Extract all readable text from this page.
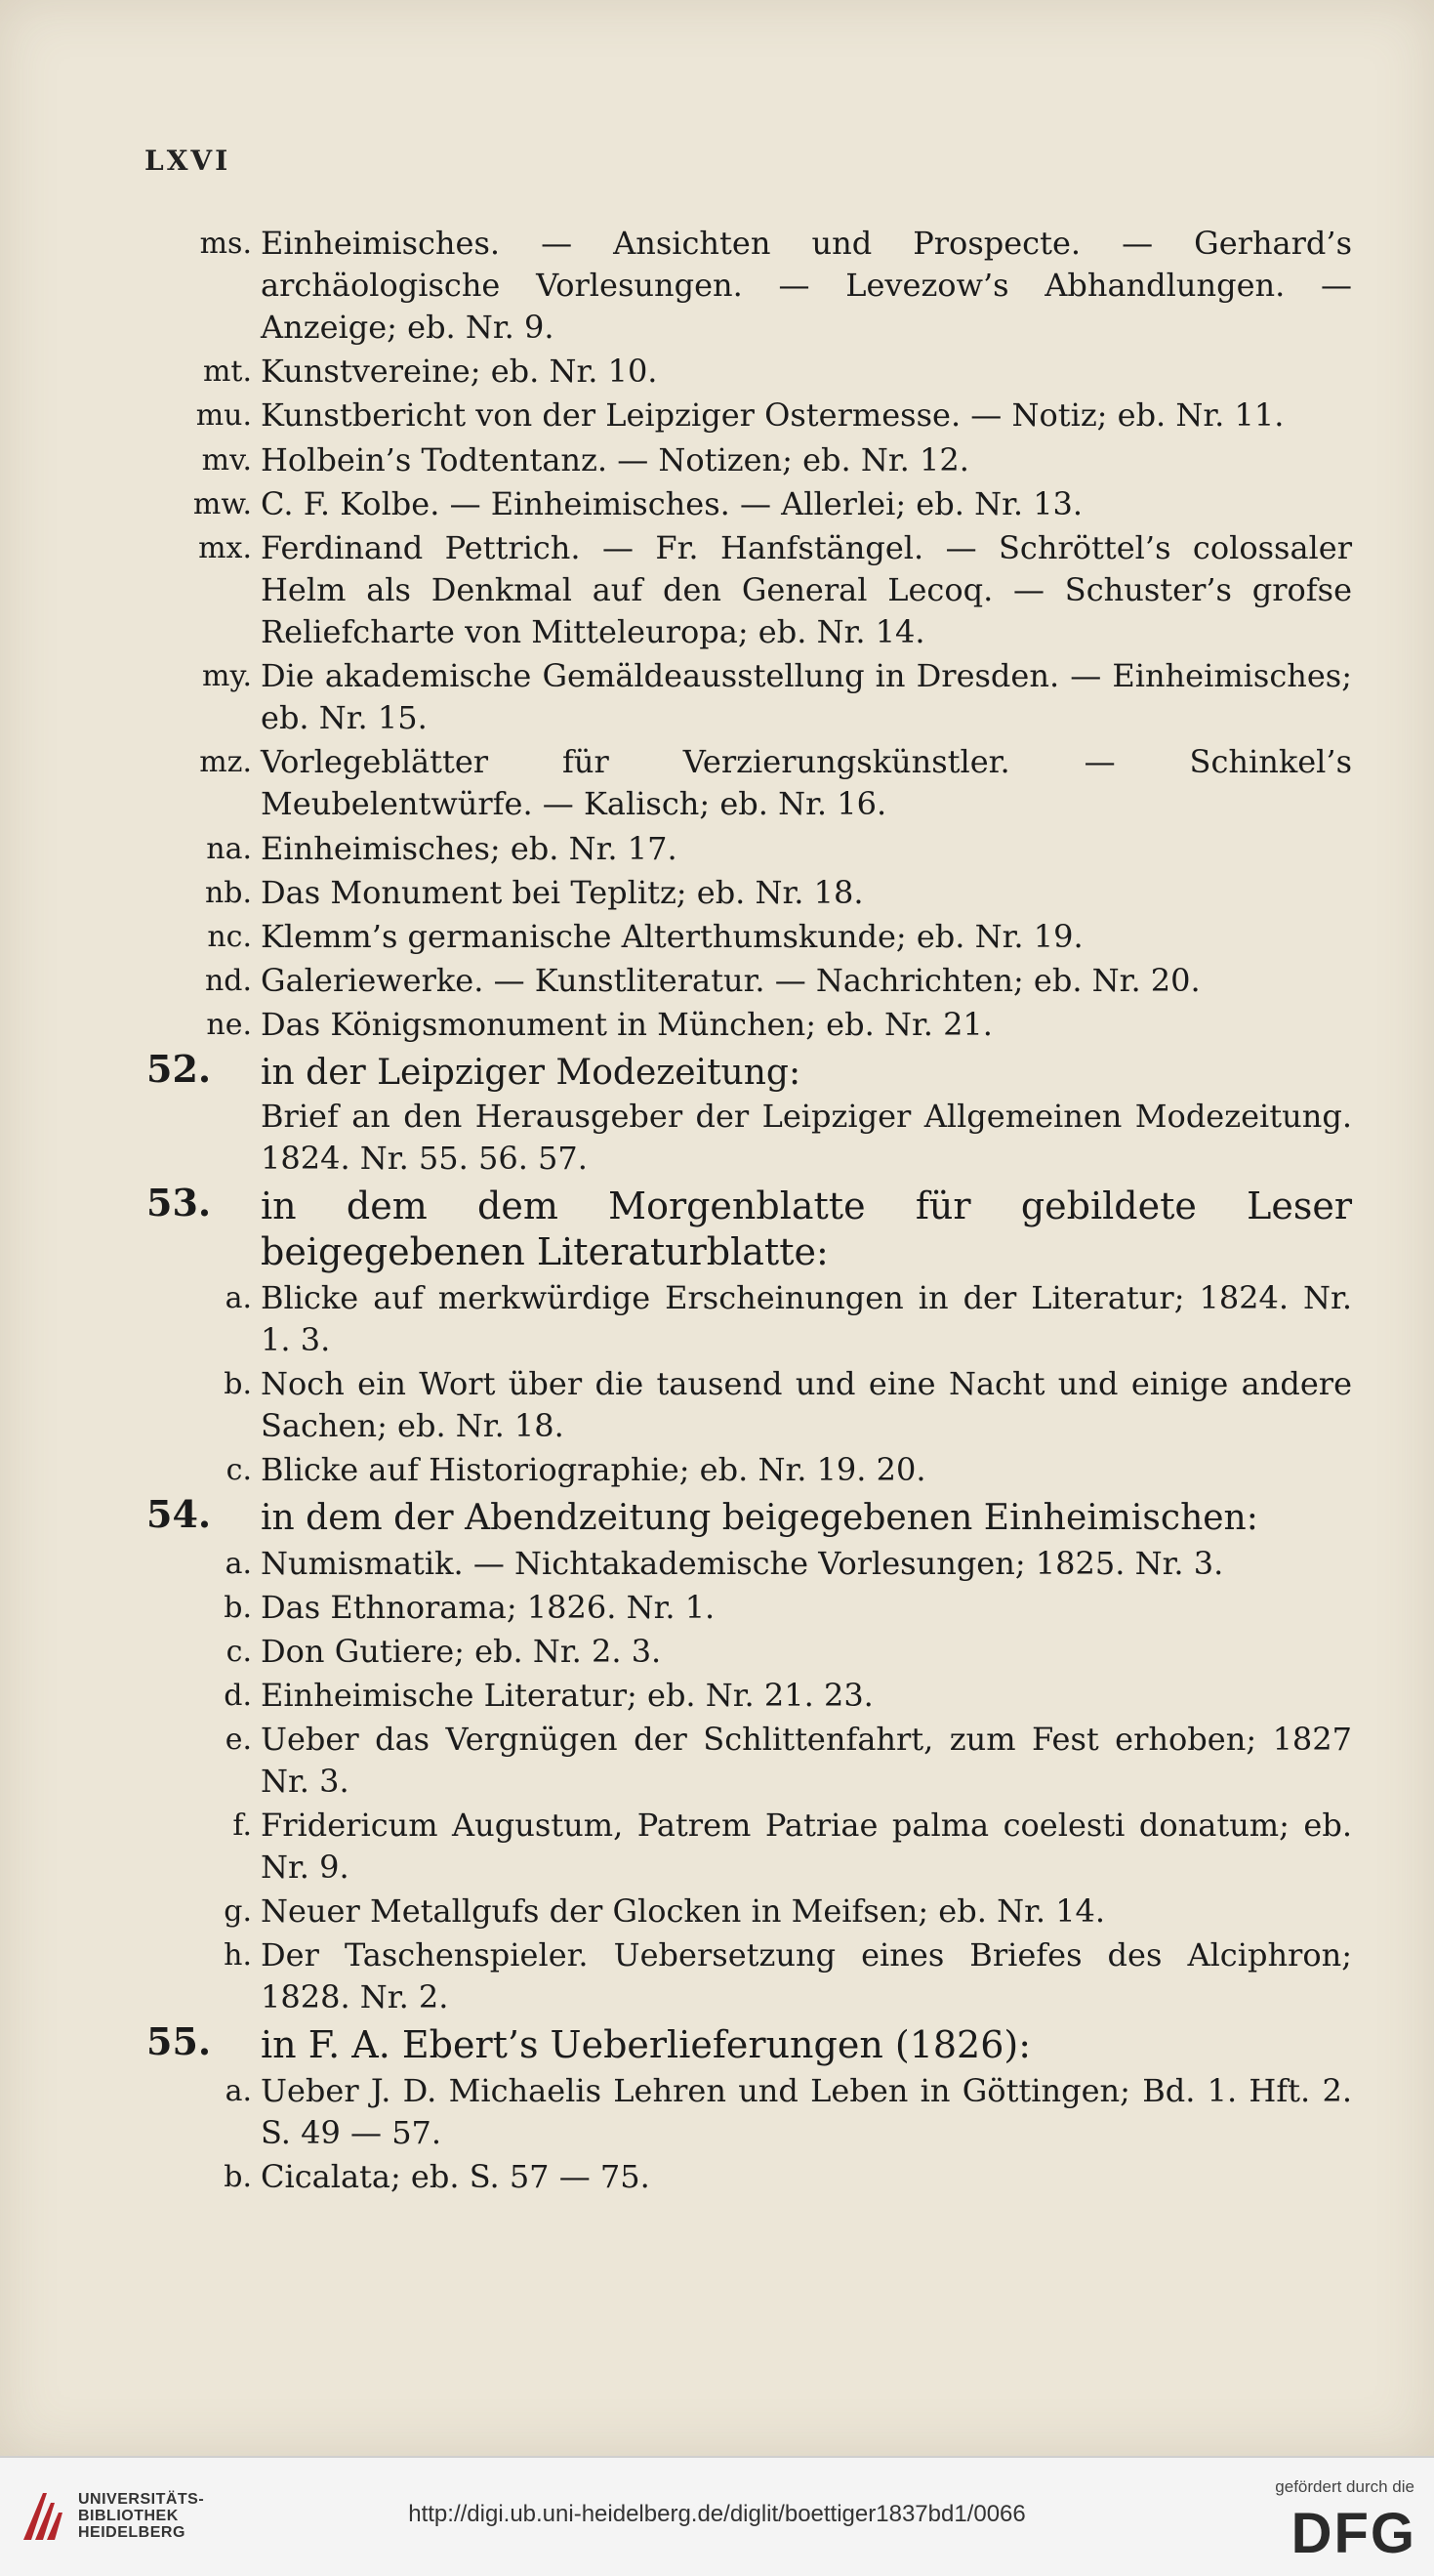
LXVI
ms. Einheimisches. — Ansichten und Prospecte. — Gerhard’s archäologische Vorlesungen. — Levezow’s Abhandlungen. — Anzeige; eb. Nr. 9.
mt. Kunstvereine; eb. Nr. 10.
mu. Kunstbericht von der Leipziger Ostermesse. — Notiz; eb. Nr. 11.
mv. Holbein’s Todtentanz. — Notizen; eb. Nr. 12.
mw. C. F. Kolbe. — Einheimisches. — Allerlei; eb. Nr. 13.
mx. Ferdinand Pettrich. — Fr. Hanfstängel. — Schröttel’s colossaler Helm als Denkmal auf den General Lecoq. — Schuster’s grofse Reliefcharte von Mitteleuropa; eb. Nr. 14.
my. Die akademische Gemäldeausstellung in Dresden. — Einheimisches; eb. Nr. 15.
mz. Vorlegeblätter für Verzierungskünstler. — Schinkel’s Meubelentwürfe. — Kalisch; eb. Nr. 16.
na. Einheimisches; eb. Nr. 17.
nb. Das Monument bei Teplitz; eb. Nr. 18.
nc. Klemm’s germanische Alterthumskunde; eb. Nr. 19.
nd. Galeriewerke. — Kunstliteratur. — Nachrichten; eb. Nr. 20.
ne. Das Königsmonument in München; eb. Nr. 21.
52. in der Leipziger Modezeitung:
Brief an den Herausgeber der Leipziger Allgemeinen Modezeitung. 1824. Nr. 55. 56. 57.
53. in dem dem Morgenblatte für gebildete Leser beigegebenen Literaturblatte:
a. Blicke auf merkwürdige Erscheinungen in der Literatur; 1824. Nr. 1. 3.
b. Noch ein Wort über die tausend und eine Nacht und einige andere Sachen; eb. Nr. 18.
c. Blicke auf Historiographie; eb. Nr. 19. 20.
54. in dem der Abendzeitung beigegebenen Einheimischen:
a. Numismatik. — Nichtakademische Vorlesungen; 1825. Nr. 3.
b. Das Ethnorama; 1826. Nr. 1.
c. Don Gutiere; eb. Nr. 2. 3.
d. Einheimische Literatur; eb. Nr. 21. 23.
e. Ueber das Vergnügen der Schlittenfahrt, zum Fest erhoben; 1827 Nr. 3.
f. Fridericum Augustum, Patrem Patriae palma coelesti donatum; eb. Nr. 9.
g. Neuer Metallgufs der Glocken in Meifsen; eb. Nr. 14.
h. Der Taschenspieler. Uebersetzung eines Briefes des Alciphron; 1828. Nr. 2.
55. in F. A. Ebert’s Ueberlieferungen (1826):
a. Ueber J. D. Michaelis Lehren und Leben in Göttingen; Bd. 1. Hft. 2. S. 49 — 57.
b. Cicalata; eb. S. 57 — 75.
UNIVERSITÄTS- BIBLIOTHEK HEIDELBERG
http://digi.ub.uni-heidelberg.de/diglit/boettiger1837bd1/0066
gefördert durch die
DFG
